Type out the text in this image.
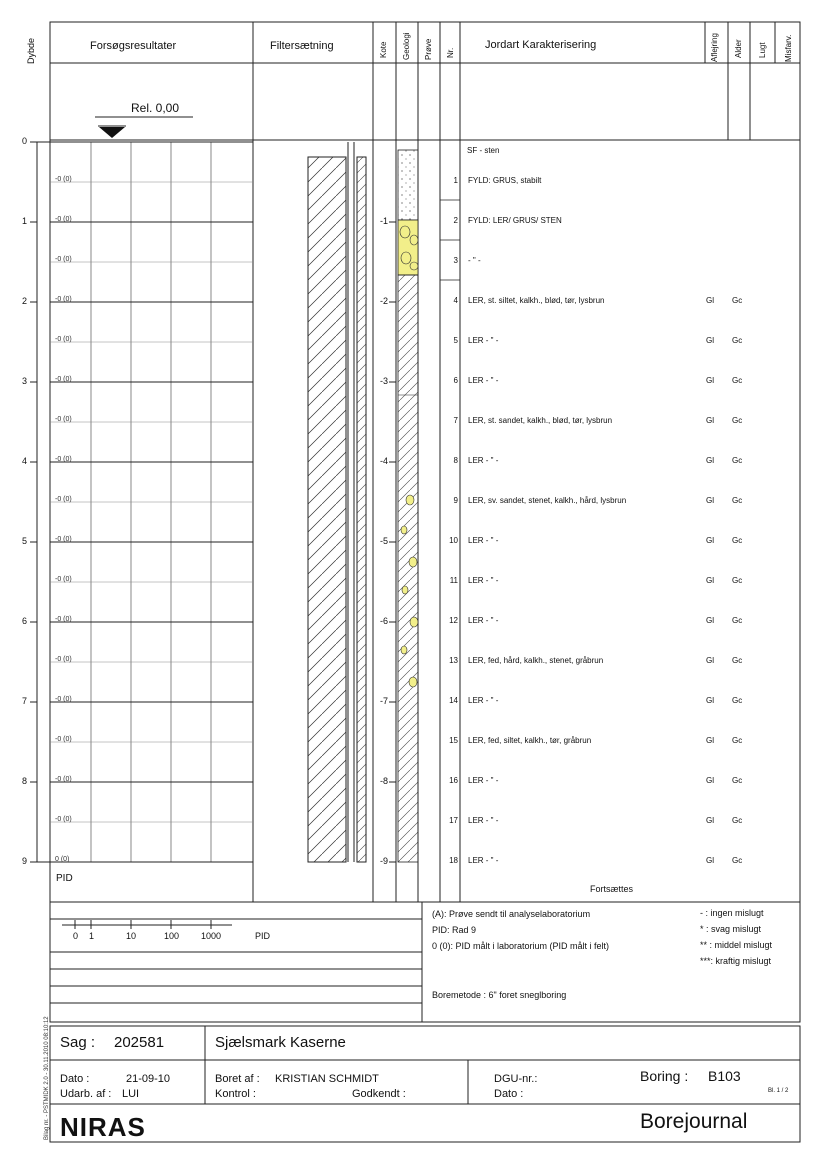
Dybde	Forsøgsresultater	Filtersætning	Kote Geologi Prøve Nr.
Jordart Karakterisering	Aflejring Alder Lugt Misfarv.
Rel. 0,00
0
1
2
3
4
5
6
7
8
9
-1
-2
-3
-4
-5
-6
-7
-8
-9
-0 (0)
-0 (0)
-0 (0)
-0 (0)
-0 (0)
-0 (0)
-0 (0)
-0 (0)
-0 (0)
-0 (0)
-0 (0)
-0 (0)
-0 (0)
-0 (0)
-0 (0)
-0 (0)
-0 (0)
0 (0)
PID
SF - sten
1 FYLD: GRUS, stabilt
2 FYLD: LER/ GRUS/ STEN
3 - " -
4 LER, st. siltet, kalkh., blød, tør, lysbrun	Gl Gc
5 LER - " -	Gl Gc
6 LER - " -	Gl Gc
7 LER, st. sandet, kalkh., blød, tør, lysbrun	Gl Gc
8 LER - " -	Gl Gc
9 LER, sv. sandet, stenet, kalkh., hård, lysbrun	Gl Gc
10 LER - " -	Gl Gc
11 LER - " -	Gl Gc
12 LER - " -	Gl Gc
13 LER, fed, hård, kalkh., stenet, gråbrun	Gl Gc
14 LER - " -	Gl Gc
15 LER, fed, siltet, kalkh., tør, gråbrun	Gl Gc
16 LER - " -	Gl Gc
17 LER - " -	Gl Gc
18 LER - " -	Gl Gc
Fortsættes
0 1	10	100 1000	PID
(A): Prøve sendt til analyselaboratorium
PID: Rad 9
0 (0): PID målt i laboratorium (PID målt i felt)
Boremetode : 6" foret sneglboring
- : ingen mislugt
* : svag mislugt
** : middel mislugt
***: kraftig mislugt
Bilag nr. - PSTMIDK 2.0 - 30.11.2010 08:10:12 Sag : 202581	Sjælsmark Kaserne
Dato :	21-09-10
Udarb. af : LUI
Boret af : KRISTIAN SCHMIDT
Kontrol :	Godkendt :
DGU-nr.:
Dato :
Boring : B103
Bl. 1 / 2
NIRAS	Borejournal
